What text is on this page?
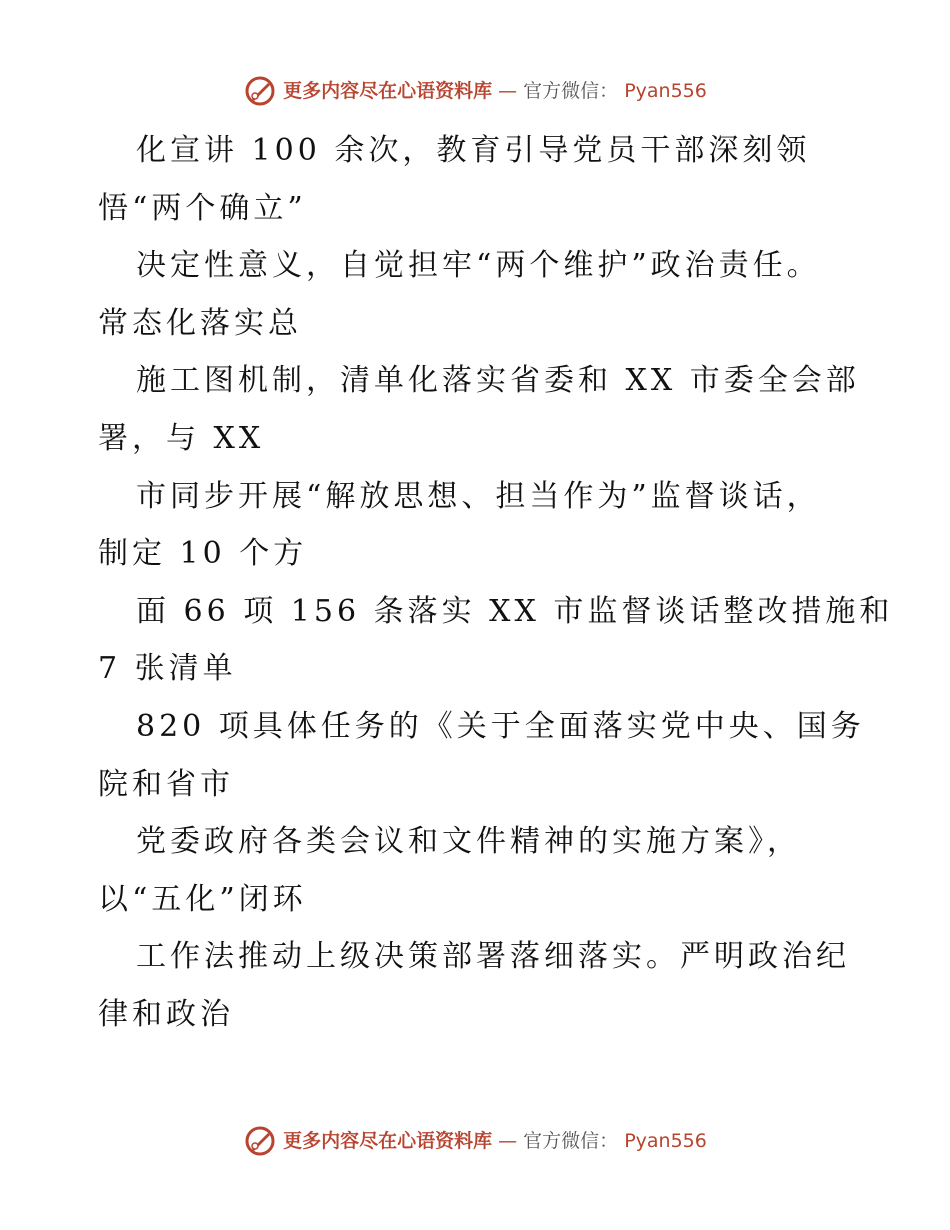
更多内容尽在心语资料库 — 官方微信： Pyan556
化宣讲 100 余次，教育引导党员干部深刻领
悟“两个确立”
决定性意义，自觉担牢“两个维护”政治责任。
常态化落实总
施工图机制，清单化落实省委和 XX 市委全会部
署，与 XX
市同步开展“解放思想、担当作为”监督谈话，
制定 10 个方
面 66 项 156 条落实 XX 市监督谈话整改措施和
7 张清单
820 项具体任务的《关于全面落实党中央、国务
院和省市
党委政府各类会议和文件精神的实施方案》，
以“五化”闭环
工作法推动上级决策部署落细落实。严明政治纪
律和政治
更多内容尽在心语资料库 — 官方微信： Pyan556
